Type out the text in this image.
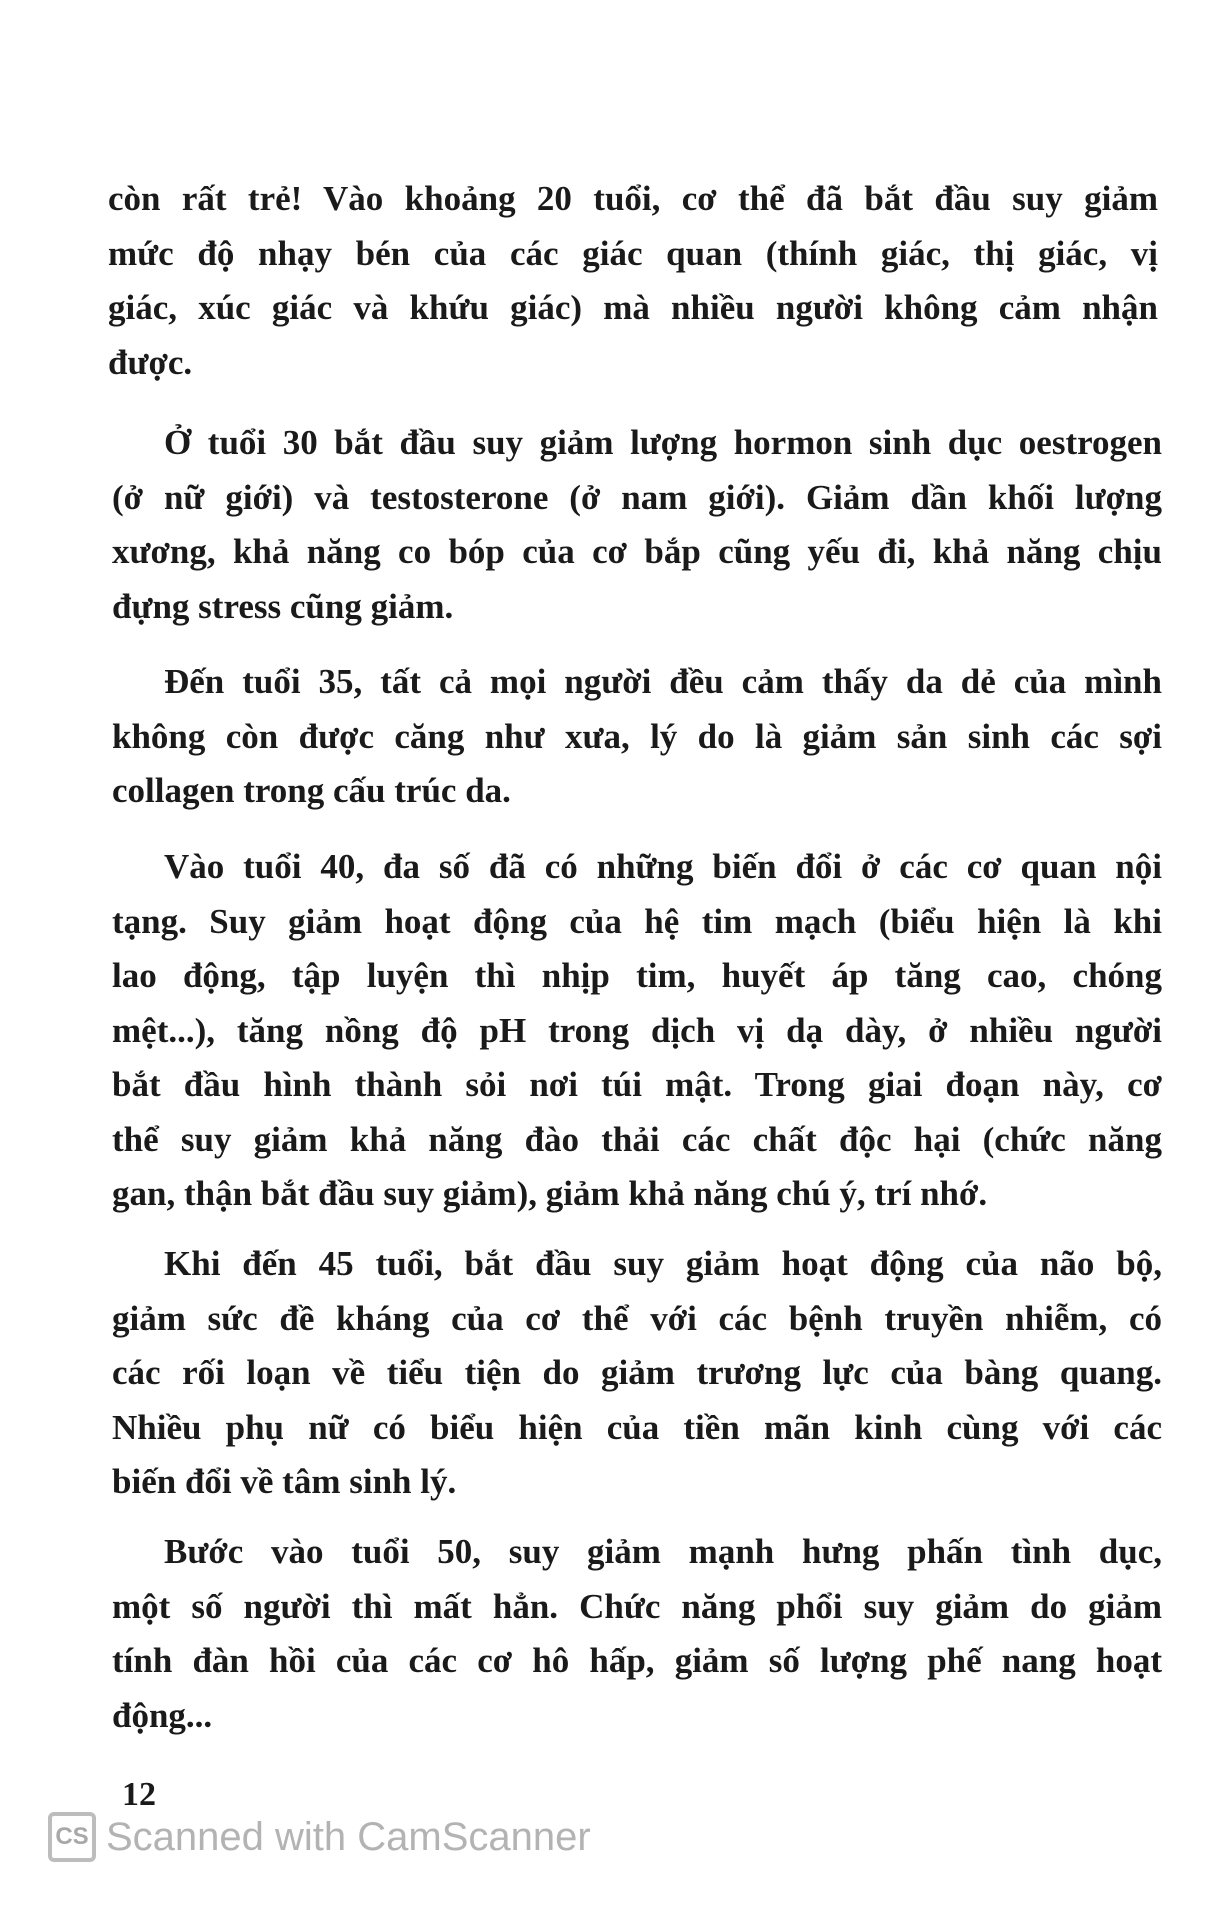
còn rất trẻ! Vào khoảng 20 tuổi, cơ thể đã bắt đầu suy giảm
mức độ nhạy bén của các giác quan (thính giác, thị giác, vị
giác, xúc giác và khứu giác) mà nhiều người không cảm nhận
được.
Ở tuổi 30 bắt đầu suy giảm lượng hormon sinh dục oestrogen
(ở nữ giới) và testosterone (ở nam giới). Giảm dần khối lượng
xương, khả năng co bóp của cơ bắp cũng yếu đi, khả năng chịu
đựng stress cũng giảm.
Đến tuổi 35, tất cả mọi người đều cảm thấy da dẻ của mình
không còn được căng như xưa, lý do là giảm sản sinh các sợi
collagen trong cấu trúc da.
Vào tuổi 40, đa số đã có những biến đổi ở các cơ quan nội
tạng. Suy giảm hoạt động của hệ tim mạch (biểu hiện là khi
lao động, tập luyện thì nhịp tim, huyết áp tăng cao, chóng
mệt...), tăng nồng độ pH trong dịch vị dạ dày, ở nhiều người
bắt đầu hình thành sỏi nơi túi mật. Trong giai đoạn này, cơ
thể suy giảm khả năng đào thải các chất độc hại (chức năng
gan, thận bắt đầu suy giảm), giảm khả năng chú ý, trí nhớ.
Khi đến 45 tuổi, bắt đầu suy giảm hoạt động của não bộ,
giảm sức đề kháng của cơ thể với các bệnh truyền nhiễm, có
các rối loạn về tiểu tiện do giảm trương lực của bàng quang.
Nhiều phụ nữ có biểu hiện của tiền mãn kinh cùng với các
biến đổi về tâm sinh lý.
Bước vào tuổi 50, suy giảm mạnh hưng phấn tình dục,
một số người thì mất hẳn. Chức năng phổi suy giảm do giảm
tính đàn hồi của các cơ hô hấp, giảm số lượng phế nang hoạt
động...
12
CS Scanned with CamScanner
